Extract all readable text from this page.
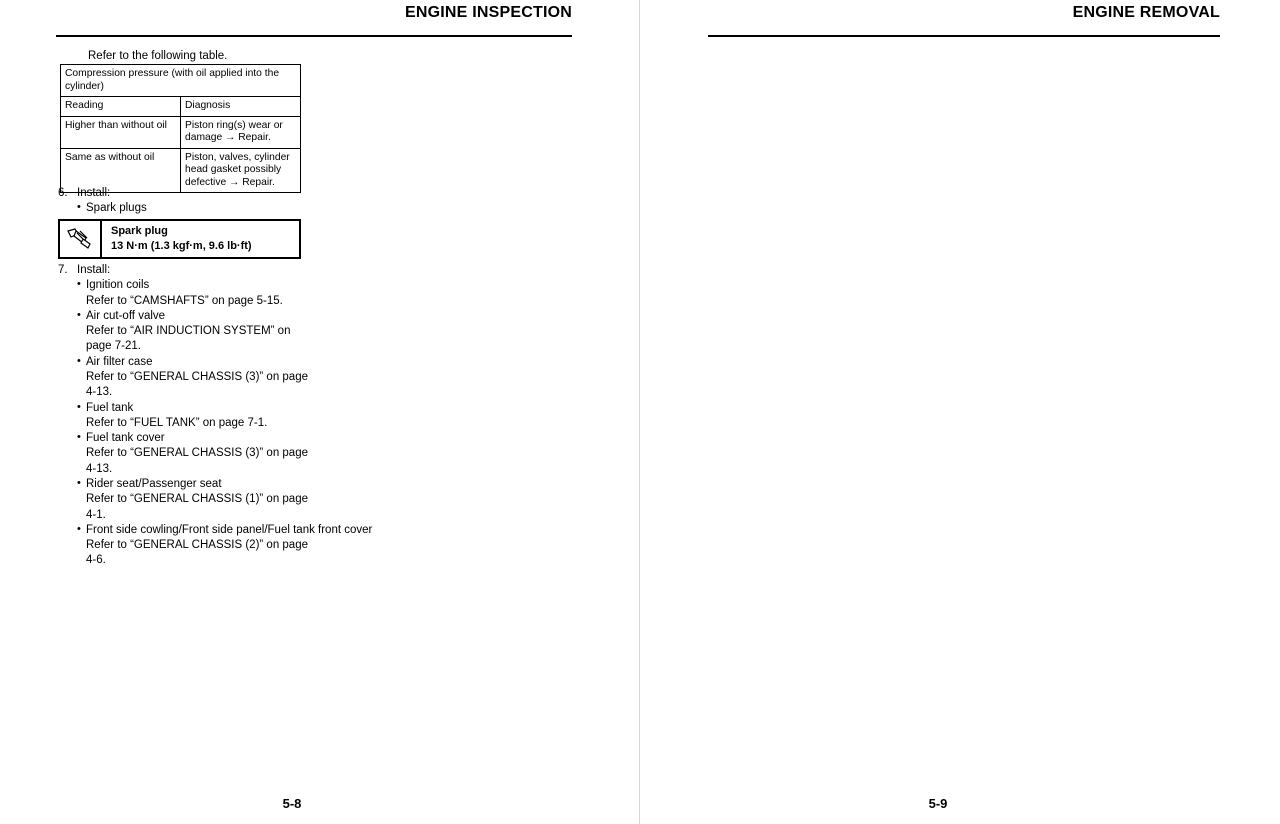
ENGINE INSPECTION
Refer to the following table.
Compression pressure (with oil applied into the cylinder)	
Reading	Diagnosis
Higher than without oil	Piston ring(s) wear or damage → Repair.
Same as without oil	Piston, valves, cylinder head gasket possibly defective → Repair.
6. Install:
• Spark plugs
Spark plug
13 N·m (1.3 kgf·m, 9.6 lb·ft)
7. Install:
• Ignition coils
Refer to “CAMSHAFTS” on page 5-15.
• Air cut-off valve
Refer to “AIR INDUCTION SYSTEM” on
page 7-21.
• Air filter case
Refer to “GENERAL CHASSIS (3)” on page
4-13.
• Fuel tank
Refer to “FUEL TANK” on page 7-1.
• Fuel tank cover
Refer to “GENERAL CHASSIS (3)” on page
4-13.
• Rider seat/Passenger seat
Refer to “GENERAL CHASSIS (1)” on page
4-1.
• Front side cowling/Front side panel/Fuel tank front cover
Refer to “GENERAL CHASSIS (2)” on page
4-6.
5-8
ENGINE REMOVAL

5-9
